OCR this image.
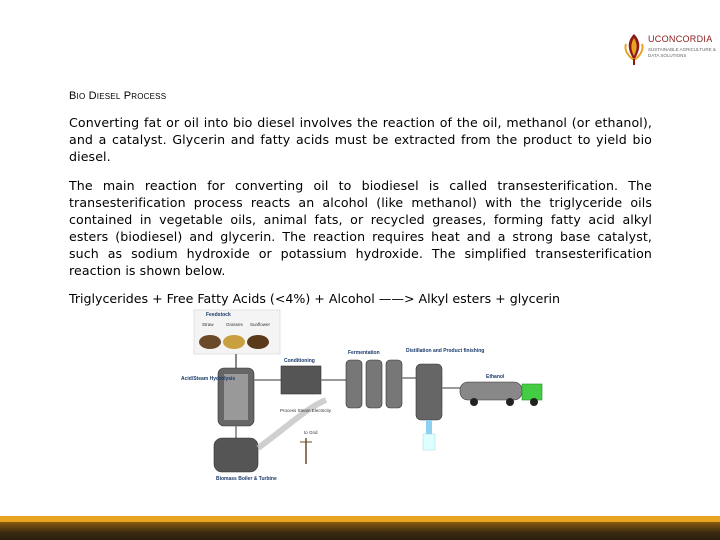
UCONCORDIA
SUSTAINABLE AGRICULTURE & DATA SOLUTIONS
Bio Diesel Process

Converting fat or oil into bio diesel involves the reaction of the oil, methanol (or ethanol), and a catalyst. Glycerin and fatty acids must be extracted from the product to yield bio diesel.

The main reaction for converting oil to biodiesel is called transesterification. The transesterification process reacts an alcohol (like methanol) with the triglyceride oils contained in vegetable oils, animal fats, or recycled greases, forming fatty acid alkyl esters (biodiesel) and glycerin. The reaction requires heat and a strong base catalyst, such as sodium hydroxide or potassium hydroxide. The simplified transesterification reaction is shown below.

Triglycerides + Free Fatty Acids (<4%) + Alcohol ——> Alkyl esters + glycerin
Feedstock
Straw	Grasses Sunflower
Acid/Steam Hydrolysis
Conditioning
Fermentation	Distillation and Product finishing
Ethanol
Biomass Boiler & Turbine
Process Steam Electricity
to Grid
